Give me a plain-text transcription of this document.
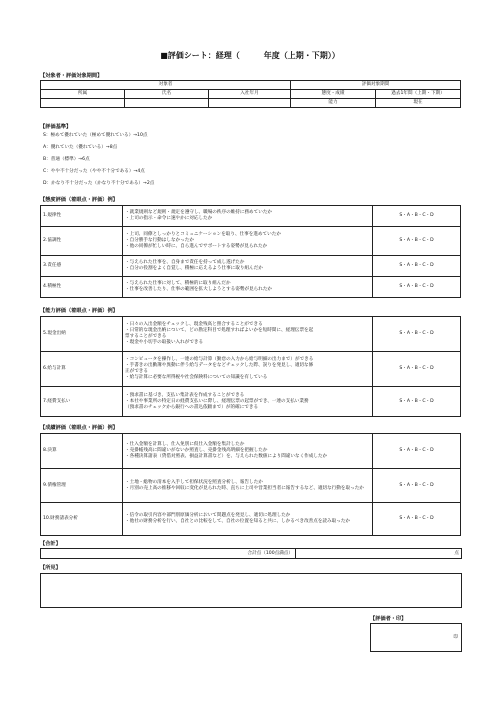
■評価シート：経理（　　　年度（上期・下期））
【対象者・評価対象期間】
対象者			評価対象期間	
所属	氏名	入社年月	態度・成績	過去1年間（上期・下期）
			能力	現在
【評価基準】
S：極めて優れていた（極めて優れている）→10点
A：優れていた（優れている）→8点
B：普通（標準）→6点
C：やや不十分だった（やや不十分である）→4点
D：かなり不十分だった（かなり不十分である）→2点
【態度評価（着眼点・評価）例】
1.規律性	・就業規則など規則・規定を遵守し、職場の秩序の維持に務めていたか
・上司の指示・命令に速やかに対応したか	S・A・B・C・D
2.協調性	・上司、同僚としっかりとコミュニケーションを取り、仕事を進めていたか
・自分勝手な行動はしなかったか
・他の同僚が忙しい時に、自ら進んでサポートする姿勢が見られたか	S・A・B・C・D
3.責任感	・与えられた仕事を、自身まで責任を持って成し遂げたか
・自分の役割をよく自覚し、積極に応えるよう仕事に取り組んだか	S・A・B・C・D
4.積極性	・与えられた仕事に対して、積極的に取り組んだか
・仕事を改善したり、仕事の範囲を拡大しようとする姿勢が見られたか	S・A・B・C・D
【能力評価（着眼点・評価）例】
5.現金出納	・日々の入出金額をチェックし、現金残高と照合することができる
・日常的な現金出納について、どの勘定科目で処理すればよいかを短時間に、経理伝票を起
票することができる
・現金や小切手の取扱い入れができる	S・A・B・C・D
6.給与計算	・コンピュータを操作し、一連の給与計算（勤怠の入力から給与明細の出力まで）ができる
・手書きの出勤簿や異動に伴う給与データをなどチェックした際、誤りを発見し、適切な修
正ができる
・給与計算に必要な所得税や社会保険料についての知識を有している	S・A・B・C・D
7.経費支払い	・預求書に基づき、支払い集計表を作成することができる
・本社や事業所の特定日の経費支払いに際し、経理伝票の起票ができ、一連の支払い業務
（預求書のチェックから銀行への書込依頼まで）が的確にできる	S・A・B・C・D
【成績評価（着眼点・評価）例】
8.決算	・仕入金額を計算し、仕入免別に仮仕入金額を集計したか
・売掛帳残高に間違いがないか照査し、売掛金残高明細を把握したか
・各種決算諸表（貸借対照表、損益計算書など）を、与えられた数値により間違いなく作成したか	S・A・B・C・D
9.債権管理	・土地・総物の清本を入手して担保状況を照査分析し、報告したか
・月別の売上高の推移や回収に変化が見られた時、直ちに上司や営業担当者に報告するなど、適切な行動を取ったか	S・A・B・C・D
10.財務諸表分析	・信令の取引内容や部門別原価分析において問題点を発見し、適切に処理したか
・他社の財務分析を行い、自社との比較をして、自社の位置を知ると共に、しかるべき改善点を読み取ったか	S・A・B・C・D
【合計】
合計点（100点満点）	点
【所見】
【評価者・印】
印
